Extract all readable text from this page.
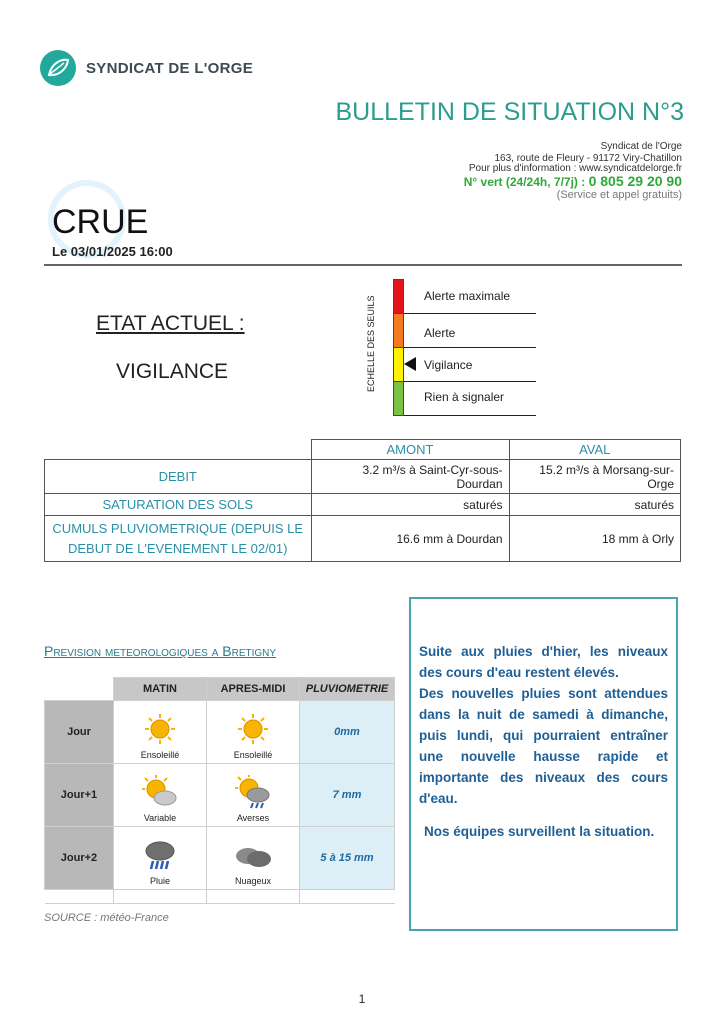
SYNDICAT DE L'ORGE
BULLETIN DE SITUATION N°3
Syndicat de l'Orge
163, route de Fleury - 91172 Viry-Chatillon
Pour plus d'information : www.syndicatdelorge.fr
N° vert (24/24h, 7/7j) : 0 805 29 20 90
(Service et appel gratuits)
CRUE
Le 03/01/2025 16:00
ETAT ACTUEL :
VIGILANCE	ECHELLE DES SEUILS	Alerte maximale
Alerte
Vigilance
Rien à signaler
	AMONT	AVAL
DEBIT	3.2 m³/s à Saint-Cyr-sous-Dourdan	15.2 m³/s à Morsang-sur-Orge
SATURATION DES SOLS	saturés	saturés
CUMULS PLUVIOMETRIQUE (DEPUIS LE DEBUT DE L'EVENEMENT LE 02/01)	16.6 mm à Dourdan	18 mm à Orly
Prevision meteorologiques a Bretigny
	MATIN	APRES-MIDI	PLUVIOMETRIE
Jour	Ensoleillé	Ensoleillé	0mm
Jour+1	Variable	Averses	7 mm
Jour+2	Pluie	Nuageux	5 à 15 mm

SOURCE : météo-France

Suite aux pluies d'hier, les niveaux des cours d'eau restent élevés.

Des nouvelles pluies sont attendues dans la nuit de samedi à dimanche, puis lundi, qui pourraient entraîner une nouvelle hausse rapide et importante des niveaux des cours d'eau.

Nos équipes surveillent la situation.

1
